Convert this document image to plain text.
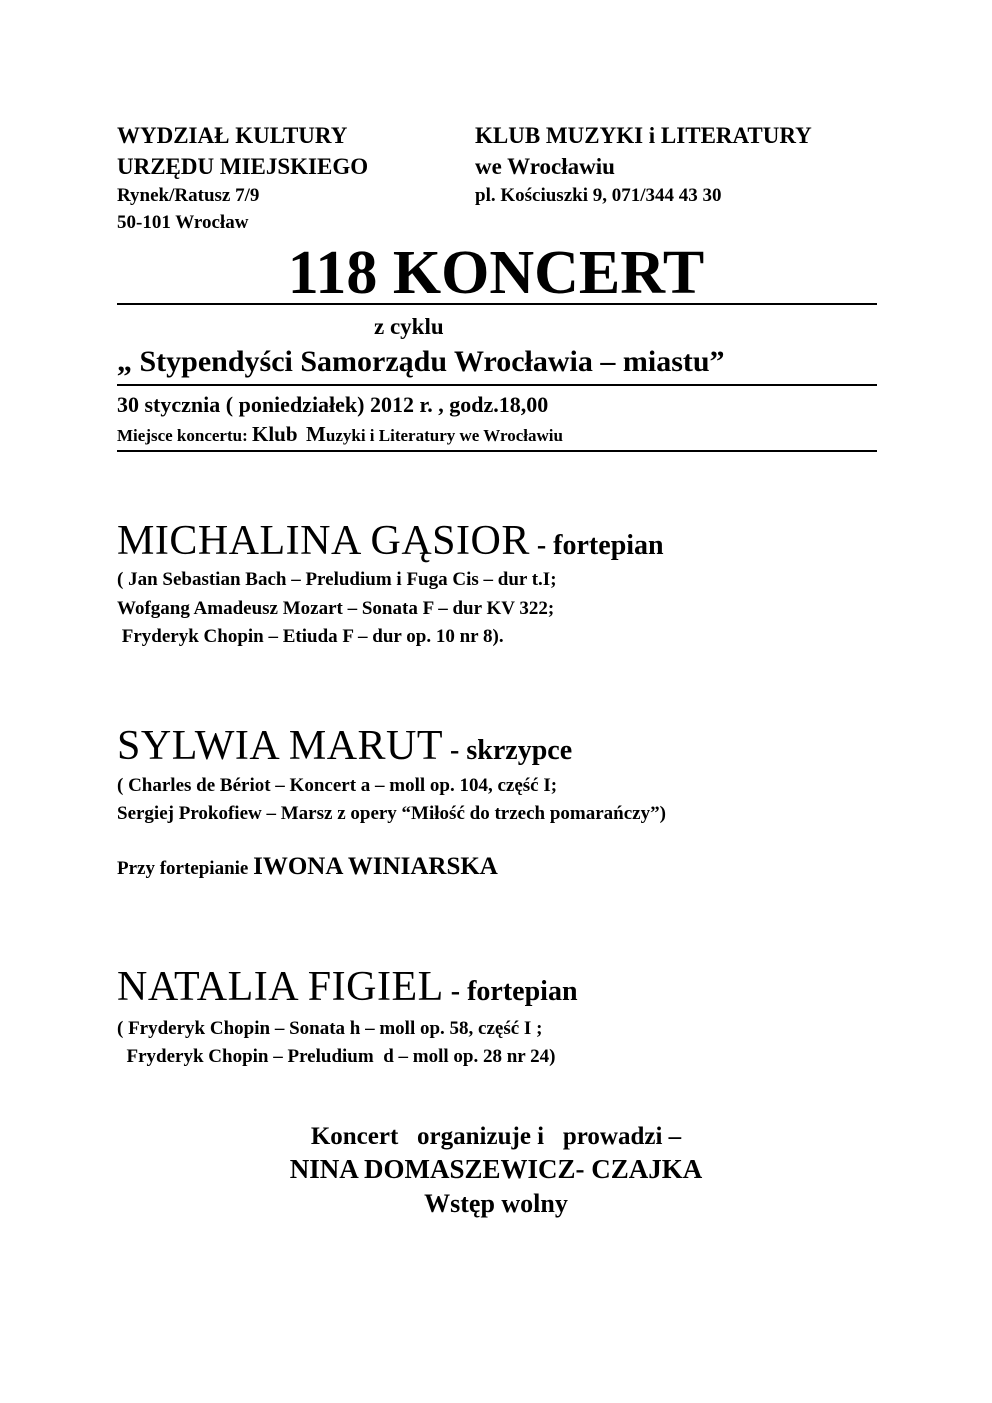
WYDZIAŁ KULTURY
URZĘDU MIEJSKIEGO
Rynek/Ratusz 7/9
50-101 Wrocław
KLUB MUZYKI i LITERATURY
we Wrocławiu
pl. Kościuszki 9, 071/344 43 30
118 KONCERT
z cyklu
„ Stypendyści Samorządu Wrocławia – miastu”
30 stycznia ( poniedziałek) 2012 r. , godz.18,00
Miejsce koncertu: Klub Muzyki i Literatury we Wrocławiu
MICHALINA GĄSIOR - fortepian
( Jan Sebastian Bach – Preludium i Fuga Cis – dur t.I;
Wofgang Amadeusz Mozart – Sonata F – dur KV 322;
Fryderyk Chopin – Etiuda F – dur op. 10 nr 8).
SYLWIA MARUT - skrzypce
( Charles de Bériot – Koncert a – moll op. 104, część I;
Sergiej Prokofiew – Marsz z opery “Miłość do trzech pomarańczy”)
Przy fortepianie IWONA WINIARSKA
NATALIA FIGIEL - fortepian
( Fryderyk Chopin – Sonata h – moll op. 58, część I ;
Fryderyk Chopin – Preludium  d – moll op. 28 nr 24)
Koncert   organizuje i   prowadzi –
NINA DOMASZEWICZ- CZAJKA
Wstęp wolny
